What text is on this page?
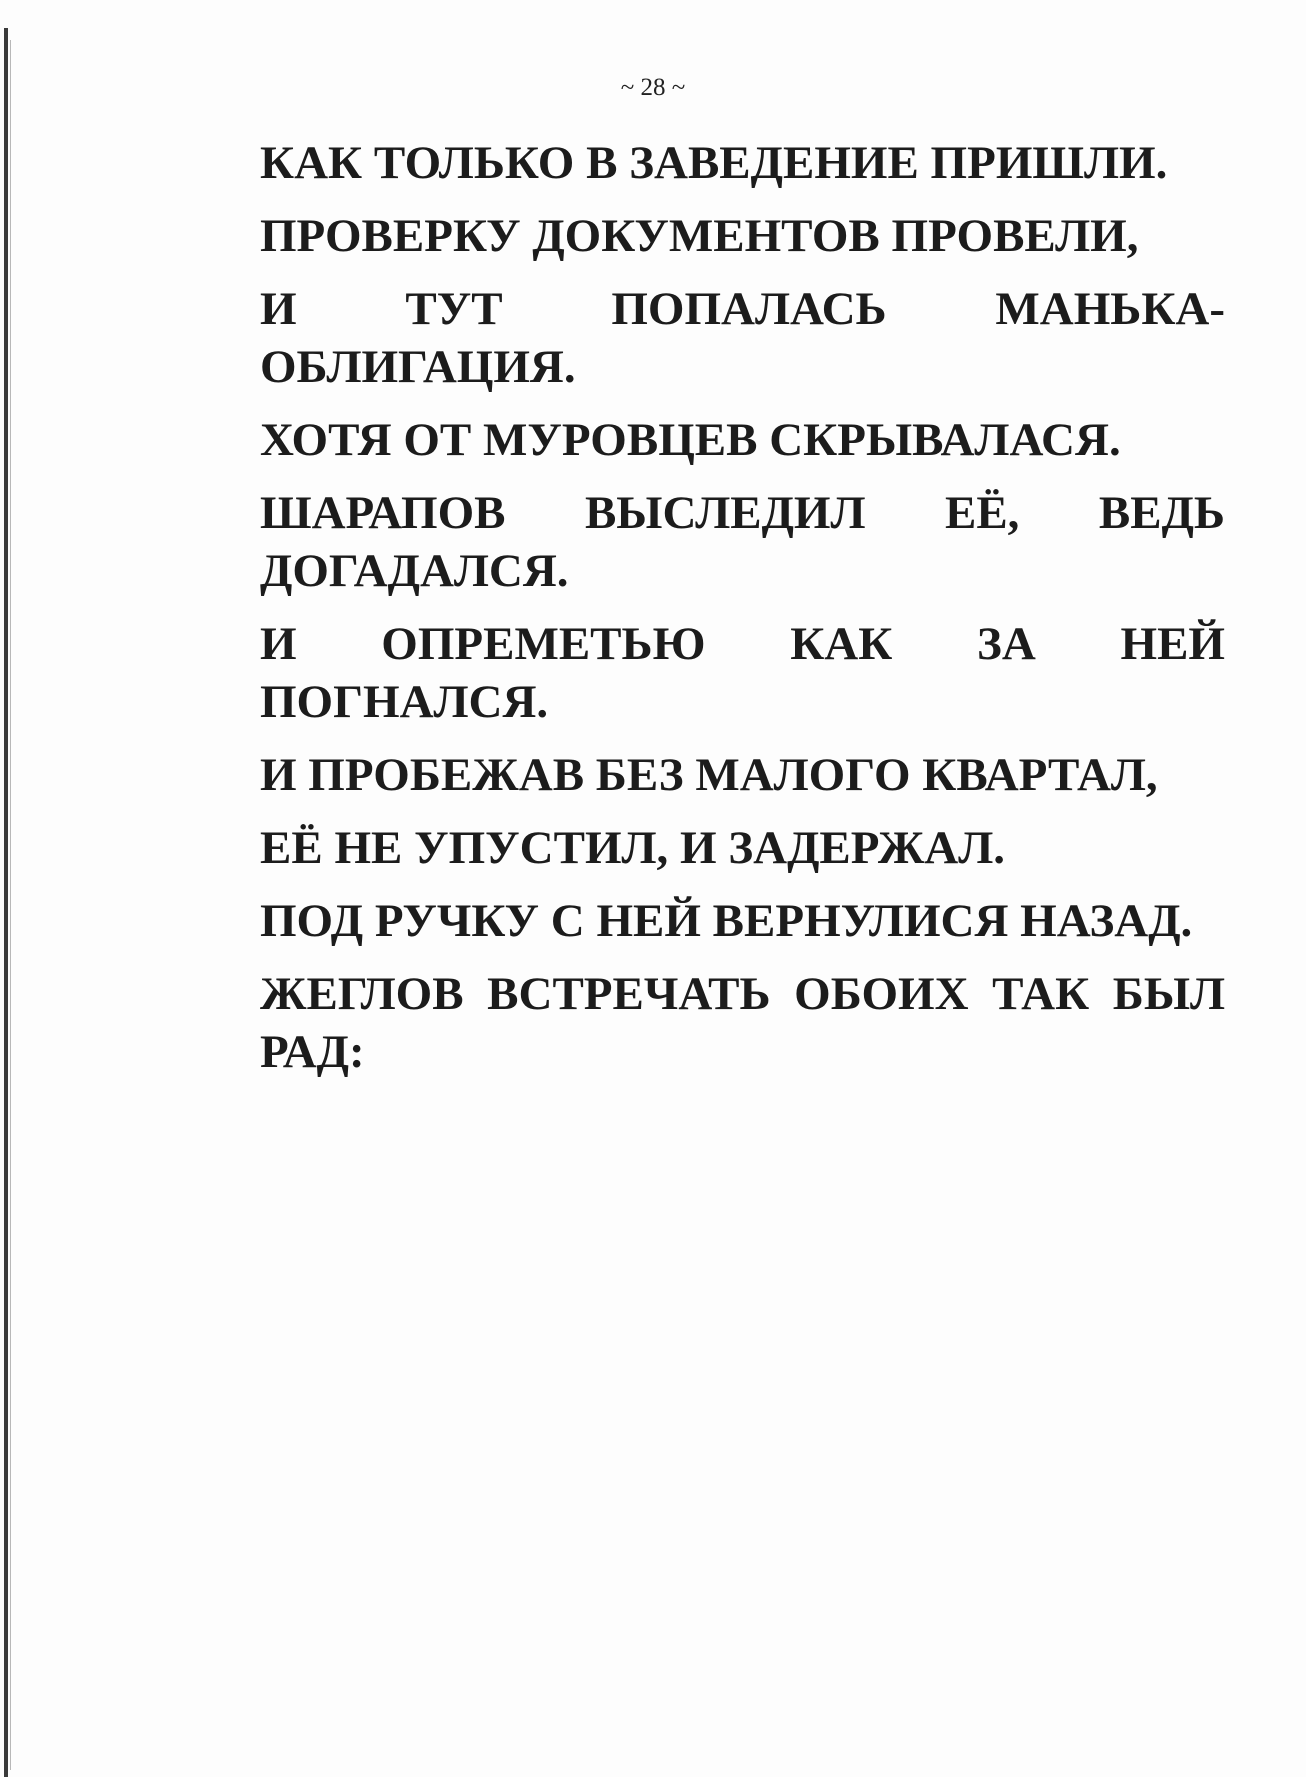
~ 28 ~

КАК ТОЛЬКО В ЗАВЕДЕНИЕ ПРИШЛИ.

ПРОВЕРКУ ДОКУМЕНТОВ ПРОВЕЛИ,

И ТУТ ПОПАЛАСЬ МАНЬКА-ОБЛИГАЦИЯ.

ХОТЯ ОТ МУРОВЦЕВ СКРЫВАЛАСЯ.

ШАРАПОВ ВЫСЛЕДИЛ ЕЁ, ВЕДЬ ДОГАДАЛСЯ.

И ОПРЕМЕТЬЮ КАК ЗА НЕЙ ПОГНАЛСЯ.

И ПРОБЕЖАВ БЕЗ МАЛОГО КВАРТАЛ,

ЕЁ НЕ УПУСТИЛ, И ЗАДЕРЖАЛ.

ПОД РУЧКУ С НЕЙ ВЕРНУЛИСЯ НАЗАД.

ЖЕГЛОВ ВСТРЕЧАТЬ ОБОИХ ТАК БЫЛ РАД:
